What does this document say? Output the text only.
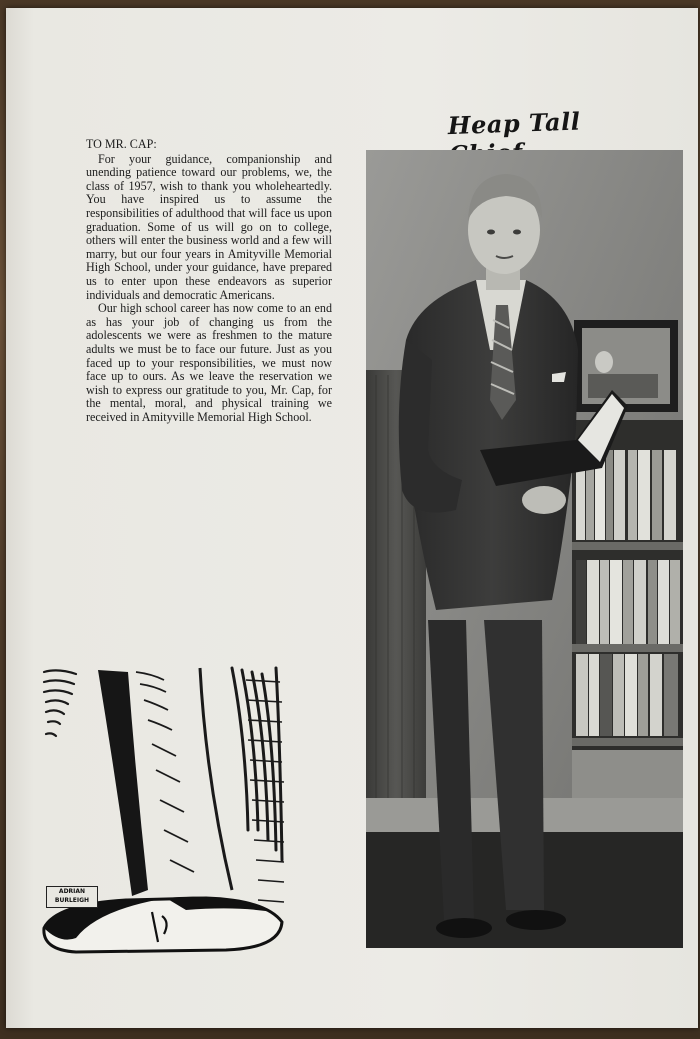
Heap Tall
TO MR. CAP:

For your guidance, companionship and unending patience toward our problems, we, the class of 1957, wish to thank you wholeheartedly. You have inspired us to assume the responsibilities of adulthood that will face us upon graduation. Some of us will go on to college, others will enter the business world and a few will marry, but our four years in Amityville Memorial High School, under your guidance, have prepared us to enter upon these endeavors as superior individuals and democratic Americans.

Our high school career has now come to an end as has your job of changing us from the adolescents we were as freshmen to the mature adults we must be to face our future. Just as you faced up to your responsibilities, we must now face up to ours. As we leave the reservation we wish to express our gratitude to you, Mr. Cap, for the mental, moral, and physical training we received in Amityville Memorial High School.

ADRIAN
BURLEIGH
